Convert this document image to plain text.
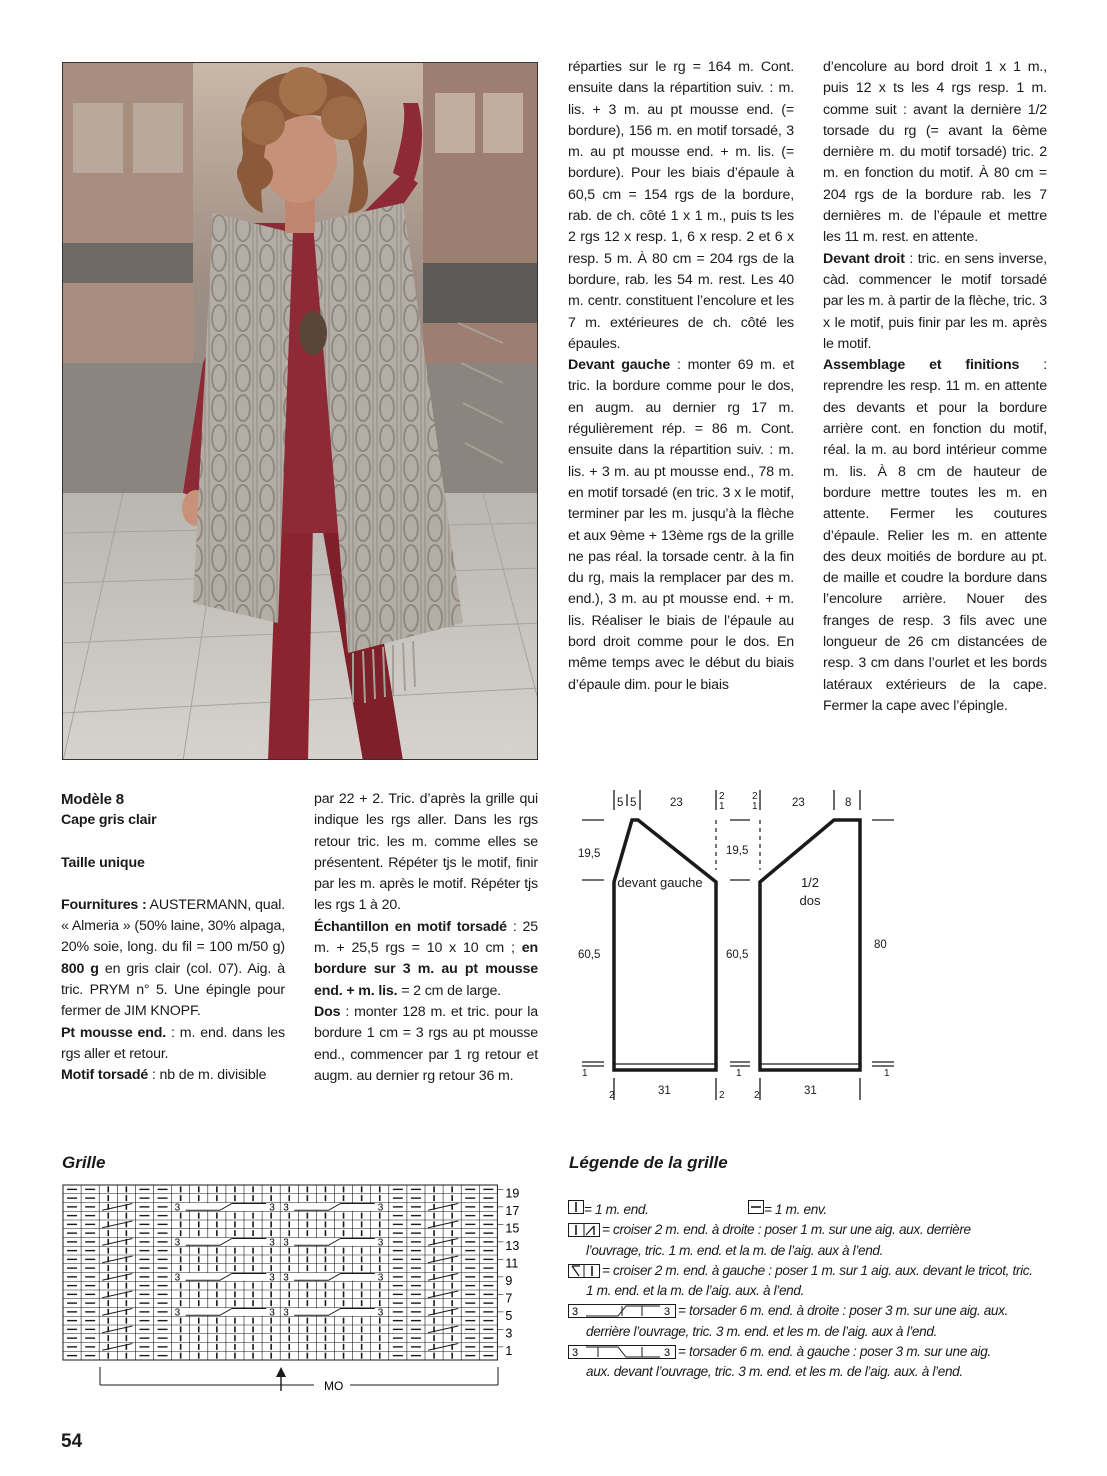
réparties sur le rg = 164 m. Cont. ensuite dans la répartition suiv. : m. lis. + 3 m. au pt mousse end. (= bordure), 156 m. en motif torsadé, 3 m. au pt mousse end. + m. lis. (= bordure). Pour les biais d’épaule à 60,5 cm = 154 rgs de la bordure, rab. de ch. côté 1 x 1 m., puis ts les 2 rgs 12 x resp. 1, 6 x resp. 2 et 6 x resp. 5 m. À 80 cm = 204 rgs de la bordure, rab. les 54 m. rest. Les 40 m. centr. constituent l’encolure et les 7 m. extérieures de ch. côté les épaules.

Devant gauche : monter 69 m. et tric. la bordure comme pour le dos, en augm. au dernier rg 17 m. régulièrement rép. = 86 m. Cont. ensuite dans la répartition suiv. : m. lis. + 3 m. au pt mousse end., 78 m. en motif torsadé (en tric. 3 x le motif, terminer par les m. jusqu’à la flèche et aux 9ème + 13ème rgs de la grille ne pas réal. la torsade centr. à la fin du rg, mais la remplacer par des m. end.), 3 m. au pt mousse end. + m. lis. Réaliser le biais de l’épaule au bord droit comme pour le dos. En même temps avec le début du biais d’épaule dim. pour le biais

d’encolure au bord droit 1 x 1 m., puis 12 x ts les 4 rgs resp. 1 m. comme suit : avant la dernière 1/2 torsade du rg (= avant la 6ème dernière m. du motif torsadé) tric. 2 m. en fonction du motif. À 80 cm = 204 rgs de la bordure rab. les 7 dernières m. de l’épaule et mettre les 11 m. rest. en attente.

Devant droit : tric. en sens inverse, càd. commencer le motif torsadé par les m. à partir de la flèche, tric. 3 x le motif, puis finir par les m. après le motif.

Assemblage et finitions : reprendre les resp. 11 m. en attente des devants et pour la bordure arrière cont. en fonction du motif, réal. la m. au bord intérieur comme m. lis. À 8 cm de hauteur de bordure mettre toutes les m. en attente. Fermer les coutures d’épaule. Relier les m. en attente des deux moitiés de bordure au pt. de maille et coudre la bordure dans l’encolure arrière. Nouer des franges de resp. 3 fils avec une longueur de 26 cm distancées de resp. 3 cm dans l’ourlet et les bords latéraux extérieurs de la cape. Fermer la cape avec l’épingle.

Modèle 8

Cape gris clair

Taille unique

Fournitures : AUSTERMANN, qual. « Almeria » (50% laine, 30% alpaga, 20% soie, long. du fil = 100 m/50 g) 800 g en gris clair (col. 07). Aig. à tric. PRYM n° 5. Une épingle pour fermer de JIM KNOPF.

Pt mousse end. : m. end. dans les rgs aller et retour.

Motif torsadé : nb de m. divisible

par 22 + 2. Tric. d’après la grille qui indique les rgs aller. Dans les rgs retour tric. les m. comme elles se présentent. Répéter tjs le motif, finir par les m. après le motif. Répéter tjs les rgs 1 à 20.

Échantillon en motif torsadé : 25 m. + 25,5 rgs = 10 x 10 cm ; en bordure sur 3 m. au pt mousse end. + m. lis. = 2 cm de large.

Dos : monter 128 m. et tric. pour la bordure 1 cm = 3 rgs au pt mousse end., commencer par 1 rg retour et augm. au dernier rg retour 36 m.

5 5	23
2
1
2
1	23	8
devant gauche	1/2
dos
19,5	19,5
60,5	60,5
80
1	1	1
2	2	2
31	31
Grille	Légende de la grille
3	3 3	3
3	3 3	3
3	3 3	3
3	3 3	3
19
17
15
13
11
9
7
5
3
1
MO
= 1 m. end.	= 1 m. env.
= croiser 2 m. end. à droite : poser 1 m. sur une aig. aux. derrière
l’ouvrage, tric. 1 m. end. et la m. de l’aig. aux à l’end.
= croiser 2 m. end. à gauche : poser 1 m. sur 1 aig. aux. devant le tricot, tric.
1 m. end. et la m. de l’aig. aux. à l’end.
3	3 = torsader 6 m. end. à droite : poser 3 m. sur une aig. aux.
derrière l’ouvrage, tric. 3 m. end. et les m. de l’aig. aux à l’end.
3	3 = torsader 6 m. end. à gauche : poser 3 m. sur une aig.
aux. devant l’ouvrage, tric. 3 m. end. et les m. de l’aig. aux. à l’end.
54
